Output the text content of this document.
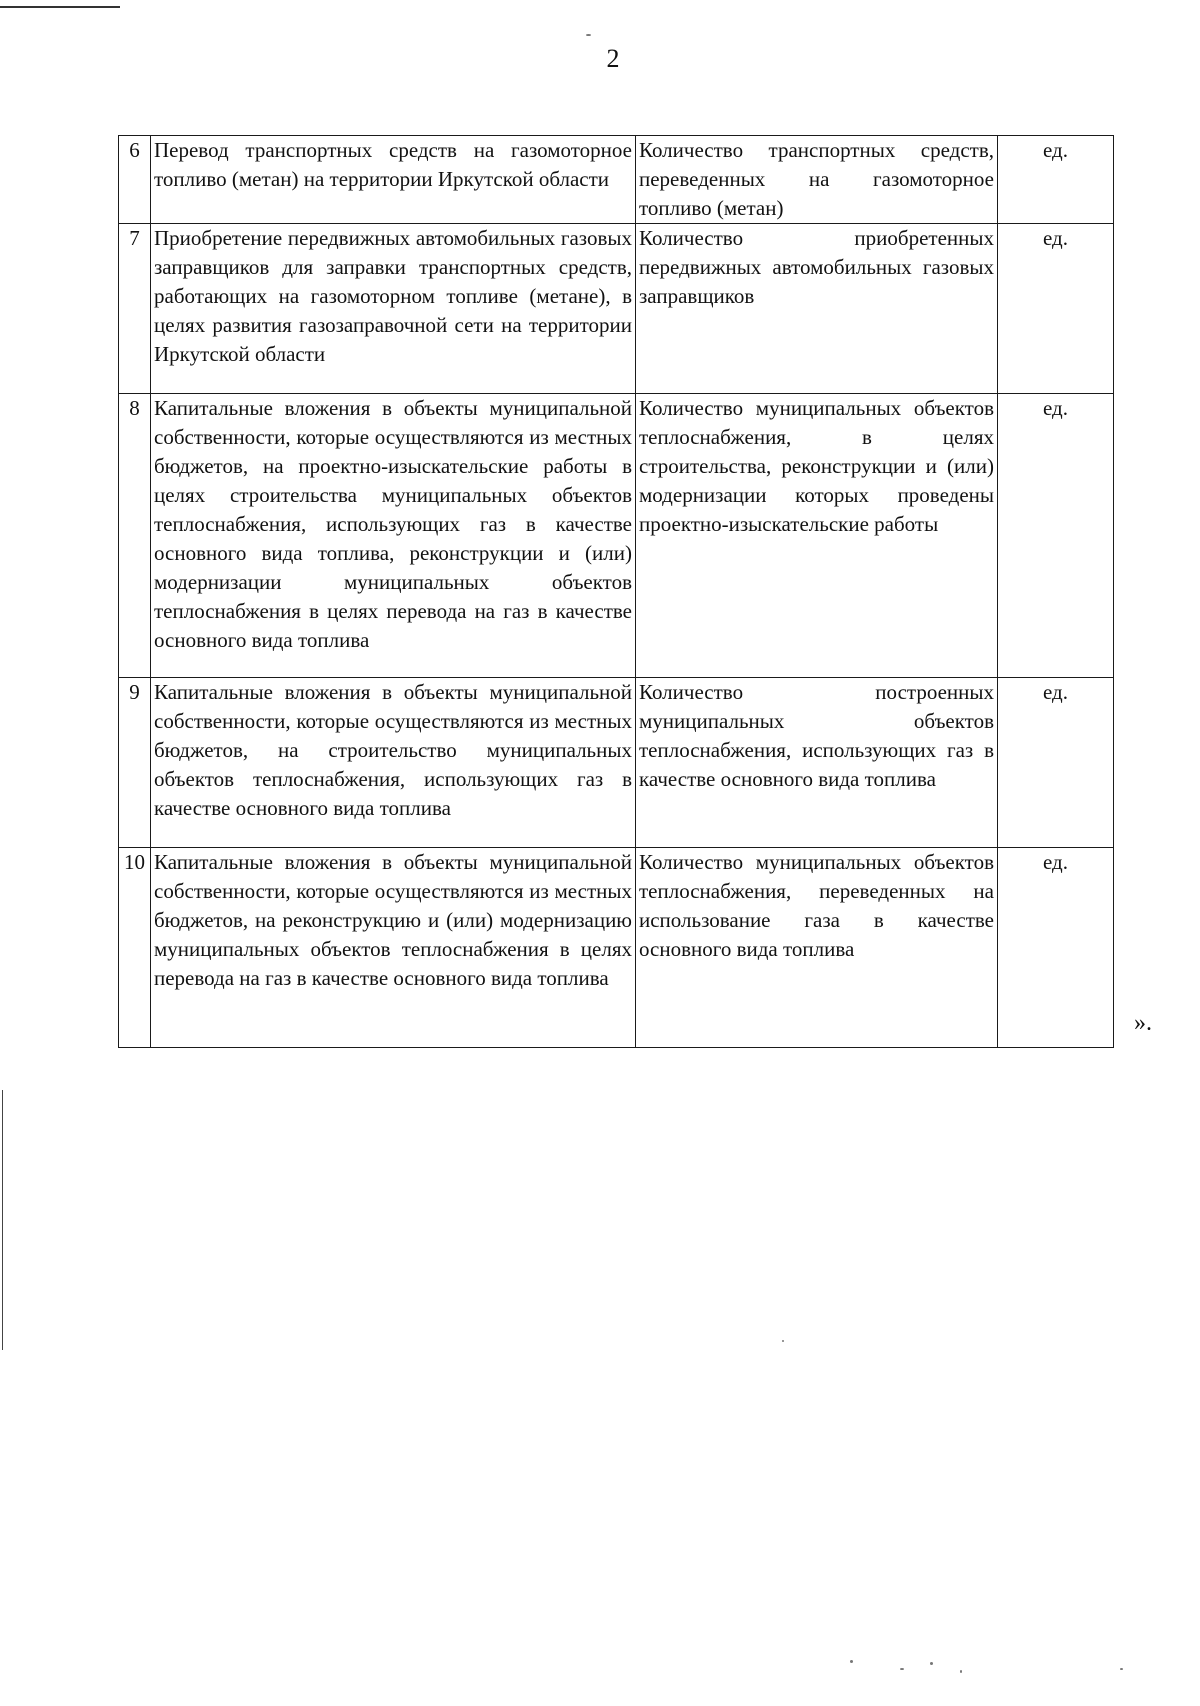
2
6	Перевод транспортных средств на газомоторное топливо (метан) на территории Иркутской области	Количество транспортных средств, переведенных на газомоторное топливо (метан)	ед.
7	Приобретение передвижных автомобильных газовых заправщиков для заправки транспортных средств, работающих на газомоторном топливе (метане), в целях развития газозаправочной сети на территории Иркутской области	Количество приобретенных передвижных автомобильных газовых заправщиков	ед.
8	Капитальные вложения в объекты муниципальной собственности, которые осуществляются из местных бюджетов, на проектно-изыскательские работы в целях строительства муниципальных объектов теплоснабжения, использующих газ в качестве основного вида топлива, реконструкции и (или) модернизации муниципальных объектов теплоснабжения в целях перевода на газ в качестве основного вида топлива	Количество муниципальных объектов теплоснабжения, в целях строительства, реконструкции и (или) модернизации которых проведены проектно-изыскательские работы	ед.
9	Капитальные вложения в объекты муниципальной собственности, которые осуществляются из местных бюджетов, на строительство муниципальных объектов теплоснабжения, использующих газ в качестве основного вида топлива	Количество построенных муниципальных объектов теплоснабжения, использующих газ в качестве основного вида топлива	ед.
10	Капитальные вложения в объекты муниципальной собственности, которые осуществляются из местных бюджетов, на реконструкцию и (или) модернизацию муниципальных объектов теплоснабжения в целях перевода на газ в качестве основного вида топлива	Количество муниципальных объектов теплоснабжения, переведенных на использование газа в качестве основного вида топлива	ед.
».
